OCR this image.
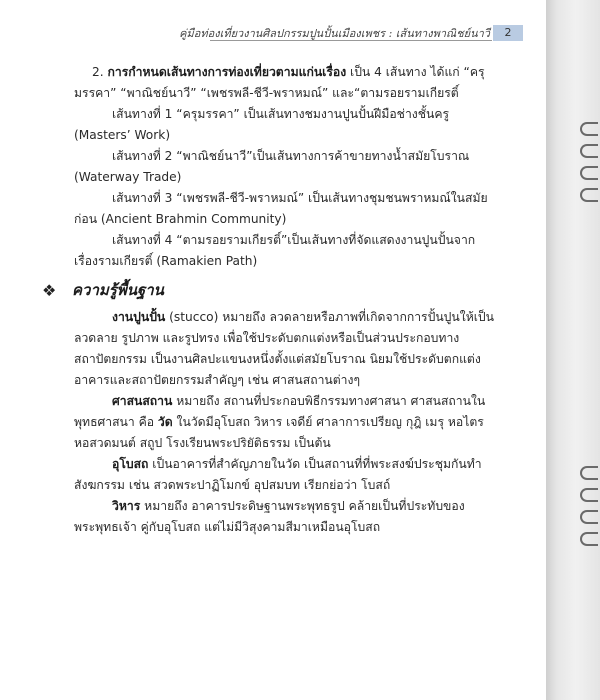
คู่มือท่องเที่ยวงานศิลปกรรมปูนปั้นเมืองเพชร : เส้นทางพาณิชย์นาวี	2

2. การกำหนดเส้นทางการท่องเที่ยวตามแก่นเรื่อง เป็น 4 เส้นทาง ได้แก่ “ครุมรรคา” “พาณิชย์นาวี” “เพชรพลี-ชีวี-พราหมณ์” และ“ตามรอยรามเกียรติ์

เส้นทางที่ 1 “ครุมรรคา” เป็นเส้นทางชมงานปูนปั้นฝีมือช่างชั้นครู (Masters’ Work)

เส้นทางที่ 2 “พาณิชย์นาวี”เป็นเส้นทางการค้าขายทางน้ำสมัยโบราณ (Waterway Trade)

เส้นทางที่ 3 “เพชรพลี-ชีวี-พราหมณ์” เป็นเส้นทางชุมชนพราหมณ์ในสมัยก่อน (Ancient Brahmin Community)

เส้นทางที่ 4 “ตามรอยรามเกียรติ์”เป็นเส้นทางที่จัดแสดงงานปูนปั้นจากเรื่องรามเกียรติ์ (Ramakien Path)

❖	ความรู้พื้นฐาน

งานปูนปั้น (stucco) หมายถึง ลวดลายหรือภาพที่เกิดจากการปั้นปูนให้เป็นลวดลาย รูปภาพ และรูปทรง เพื่อใช้ประดับตกแต่งหรือเป็นส่วนประกอบทางสถาปัตยกรรม เป็นงานศิลปะแขนงหนึ่งตั้งแต่สมัยโบราณ นิยมใช้ประดับตกแต่งอาคารและสถาปัตยกรรมสำคัญๆ เช่น ศาสนสถานต่างๆ

ศาสนสถาน หมายถึง สถานที่ประกอบพิธีกรรมทางศาสนา ศาสนสถานในพุทธศาสนา คือ วัด ในวัดมีอุโบสถ วิหาร เจดีย์ ศาลาการเปรียญ กุฎิ เมรุ หอไตร หอสวดมนต์ สถูป โรงเรียนพระปริยัติธรรม เป็นต้น

อุโบสถ เป็นอาคารที่สำคัญภายในวัด เป็นสถานที่ที่พระสงฆ์ประชุมกันทำสังฆกรรม เช่น สวดพระปาฏิโมกข์ อุปสมบท เรียกย่อว่า โบสถ์

วิหาร หมายถึง อาคารประดิษฐานพระพุทธรูป คล้ายเป็นที่ประทับของพระพุทธเจ้า คู่กับอุโบสถ แต่ไม่มีวิสุงคามสีมาเหมือนอุโบสถ
